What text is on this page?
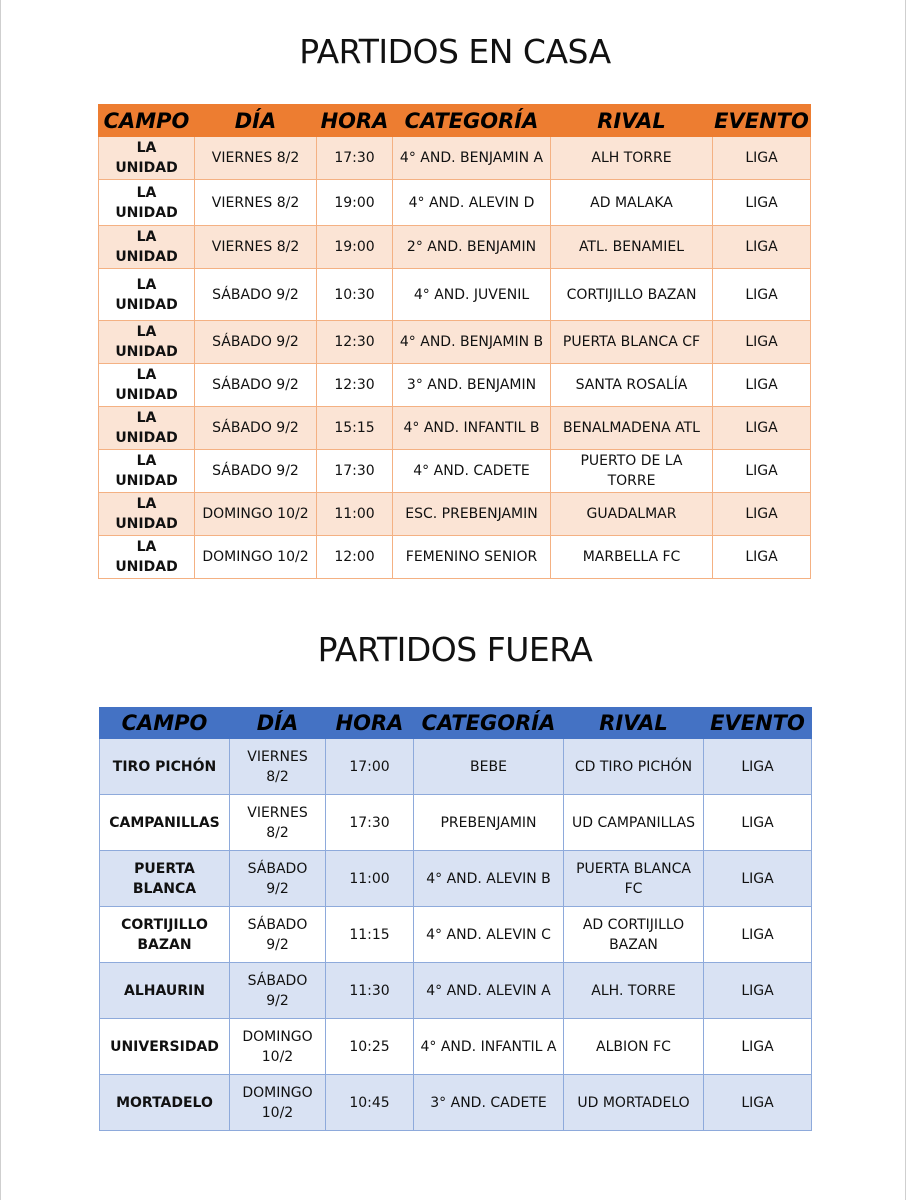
PARTIDOS EN CASA
CAMPO	DÍA	HORA	CATEGORÍA	RIVAL	EVENTO
LA UNIDAD	VIERNES 8/2	17:30	4° AND. BENJAMIN A	ALH TORRE	LIGA
LA UNIDAD	VIERNES 8/2	19:00	4° AND. ALEVIN D	AD MALAKA	LIGA
LA UNIDAD	VIERNES 8/2	19:00	2° AND. BENJAMIN	ATL. BENAMIEL	LIGA
LA UNIDAD	SÁBADO 9/2	10:30	4° AND. JUVENIL	CORTIJILLO BAZAN	LIGA
LA UNIDAD	SÁBADO 9/2	12:30	4° AND. BENJAMIN B	PUERTA BLANCA CF	LIGA
LA UNIDAD	SÁBADO 9/2	12:30	3° AND. BENJAMIN	SANTA ROSALÍA	LIGA
LA UNIDAD	SÁBADO 9/2	15:15	4° AND. INFANTIL B	BENALMADENA ATL	LIGA
LA UNIDAD	SÁBADO 9/2	17:30	4° AND. CADETE	PUERTO DE LA TORRE	LIGA
LA UNIDAD	DOMINGO 10/2	11:00	ESC. PREBENJAMIN	GUADALMAR	LIGA
LA UNIDAD	DOMINGO 10/2	12:00	FEMENINO SENIOR	MARBELLA FC	LIGA
PARTIDOS FUERA
CAMPO	DÍA	HORA	CATEGORÍA	RIVAL	EVENTO
TIRO PICHÓN	VIERNES 8/2	17:00	BEBE	CD TIRO PICHÓN	LIGA
CAMPANILLAS	VIERNES 8/2	17:30	PREBENJAMIN	UD CAMPANILLAS	LIGA
PUERTA BLANCA	SÁBADO 9/2	11:00	4° AND. ALEVIN B	PUERTA BLANCA FC	LIGA
CORTIJILLO BAZAN	SÁBADO 9/2	11:15	4° AND. ALEVIN C	AD CORTIJILLO BAZAN	LIGA
ALHAURIN	SÁBADO 9/2	11:30	4° AND. ALEVIN A	ALH. TORRE	LIGA
UNIVERSIDAD	DOMINGO 10/2	10:25	4° AND. INFANTIL A	ALBION FC	LIGA
MORTADELO	DOMINGO 10/2	10:45	3° AND. CADETE	UD MORTADELO	LIGA
